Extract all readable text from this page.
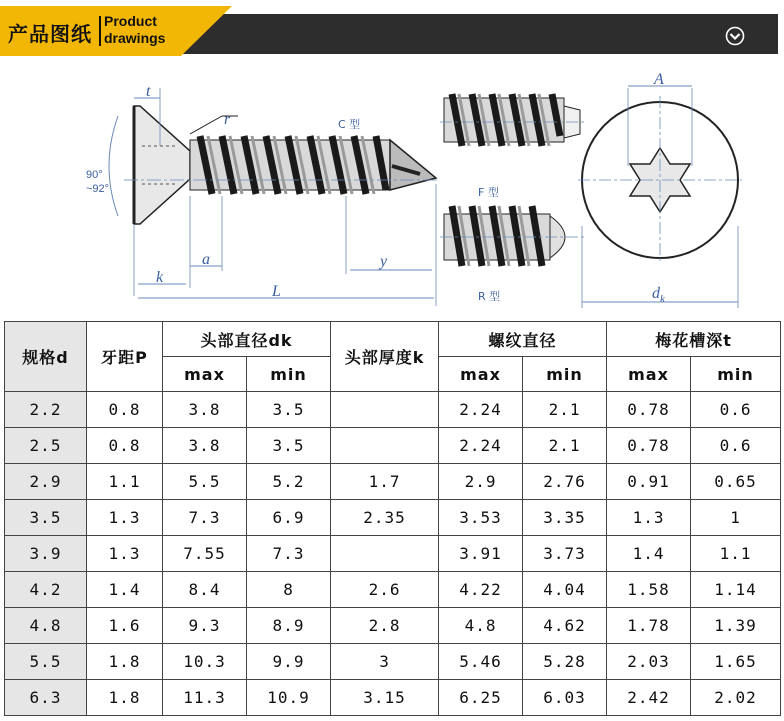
产品图纸
Product
drawings
t
r
90°
~92°
k
a
L
y
C 型
F 型
R 型
A
$d_k$
规格d	牙距P	头部直径dk		头部厚度k	螺纹直径		梅花槽深t	
		max	min		max	min	max	min
2.2	0.8	3.8	3.5		2.24	2.1	0.78	0.6
2.5	0.8	3.8	3.5		2.24	2.1	0.78	0.6
2.9	1.1	5.5	5.2	1.7	2.9	2.76	0.91	0.65
3.5	1.3	7.3	6.9	2.35	3.53	3.35	1.3	1
3.9	1.3	7.55	7.3		3.91	3.73	1.4	1.1
4.2	1.4	8.4	8	2.6	4.22	4.04	1.58	1.14
4.8	1.6	9.3	8.9	2.8	4.8	4.62	1.78	1.39
5.5	1.8	10.3	9.9	3	5.46	5.28	2.03	1.65
6.3	1.8	11.3	10.9	3.15	6.25	6.03	2.42	2.02
